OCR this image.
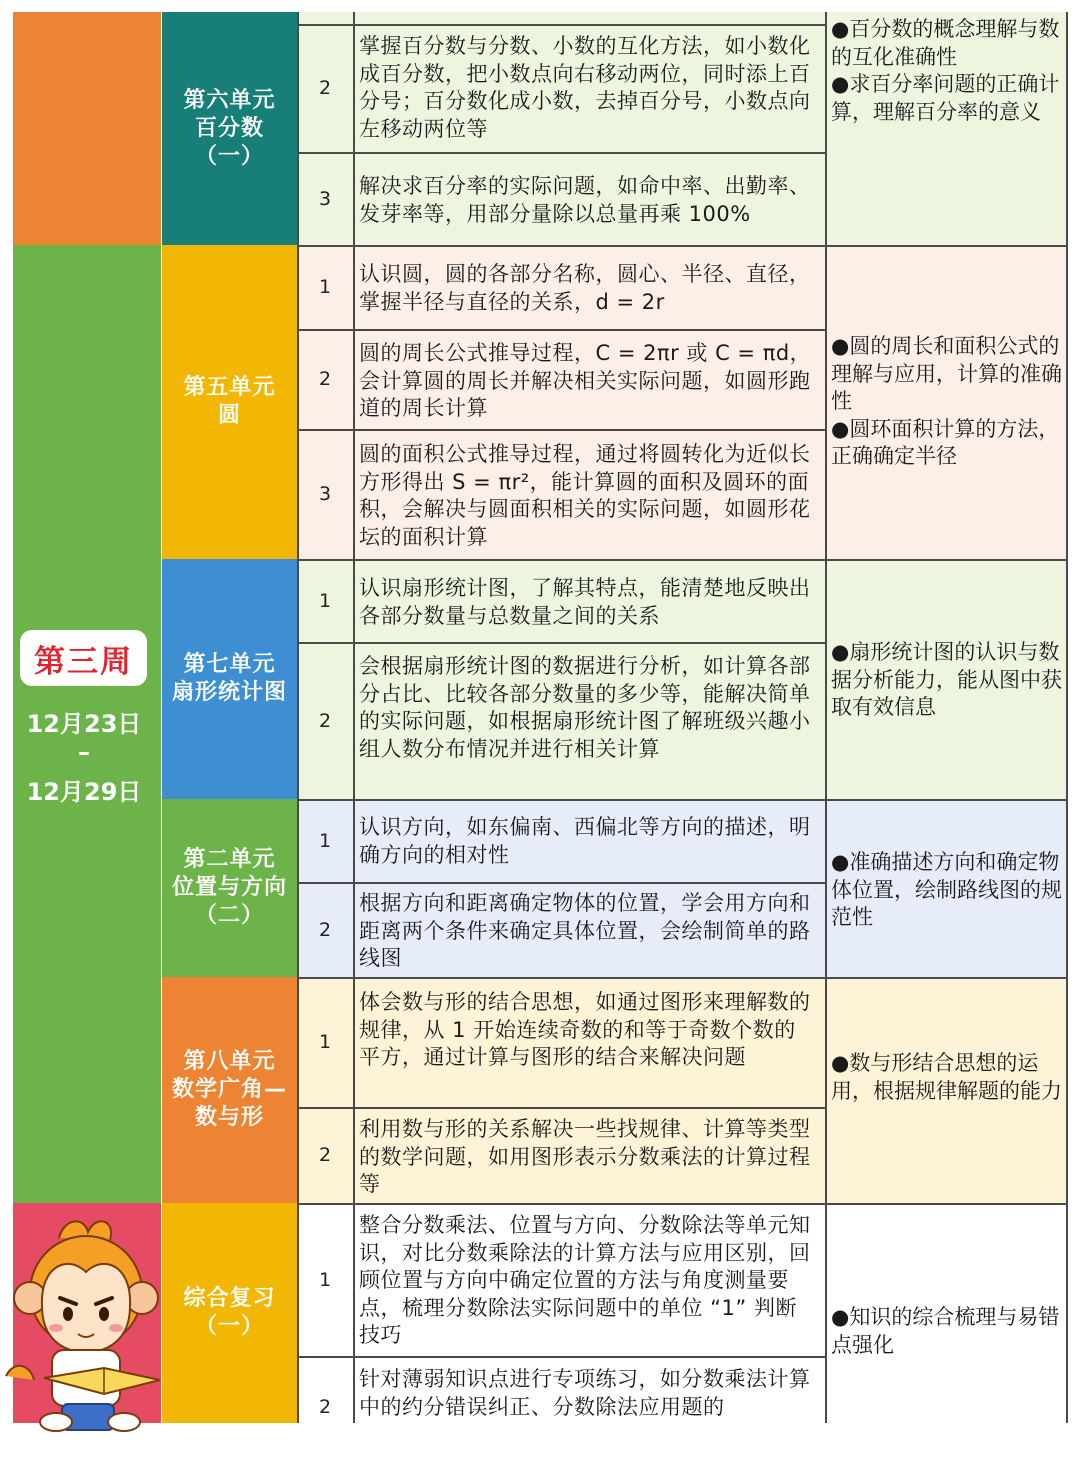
第三周
12月23日
–
12月29日
第六单元
百分数
（一）
第五单元
圆
第七单元
扇形统计图
第二单元
位置与方向
（二）
第八单元
数学广角—
数与形
综合复习
（一）
2
3
1
2
3
1
2
1
2
1
2
1
2
掌握百分数与分数、小数的互化方法，如小数化成百分数，把小数点向右移动两位，同时添上百分号；百分数化成小数，去掉百分号，小数点向左移动两位等
解决求百分率的实际问题，如命中率、出勤率、发芽率等，用部分量除以总量再乘 100%
认识圆，圆的各部分名称，圆心、半径、直径，掌握半径与直径的关系，d = 2r
圆的周长公式推导过程，C = 2πr 或 C = πd，会计算圆的周长并解决相关实际问题，如圆形跑道的周长计算
圆的面积公式推导过程，通过将圆转化为近似长方形得出 S = πr²，能计算圆的面积及圆环的面积，会解决与圆面积相关的实际问题，如圆形花坛的面积计算
认识扇形统计图，了解其特点，能清楚地反映出各部分数量与总数量之间的关系
会根据扇形统计图的数据进行分析，如计算各部分占比、比较各部分数量的多少等，能解决简单的实际问题，如根据扇形统计图了解班级兴趣小组人数分布情况并进行相关计算
认识方向，如东偏南、西偏北等方向的描述，明确方向的相对性
根据方向和距离确定物体的位置，学会用方向和距离两个条件来确定具体位置，会绘制简单的路线图
体会数与形的结合思想，如通过图形来理解数的规律，从 1 开始连续奇数的和等于奇数个数的平方，通过计算与图形的结合来解决问题
利用数与形的关系解决一些找规律、计算等类型的数学问题，如用图形表示分数乘法的计算过程等
整合分数乘法、位置与方向、分数除法等单元知识，对比分数乘除法的计算方法与应用区别，回顾位置与方向中确定位置的方法与角度测量要点，梳理分数除法实际问题中的单位 “1” 判断技巧
针对薄弱知识点进行专项练习，如分数乘法计算中的约分错误纠正、分数除法应用题的

●百分数的概念理解与数的互化准确性

●求百分率问题的正确计算，理解百分率的意义

●圆的周长和面积公式的理解与应用，计算的准确性

●圆环面积计算的方法，正确确定半径

●扇形统计图的认识与数据分析能力，能从图中获取有效信息

●准确描述方向和确定物体位置，绘制路线图的规范性

●数与形结合思想的运用，根据规律解题的能力

●知识的综合梳理与易错点强化
